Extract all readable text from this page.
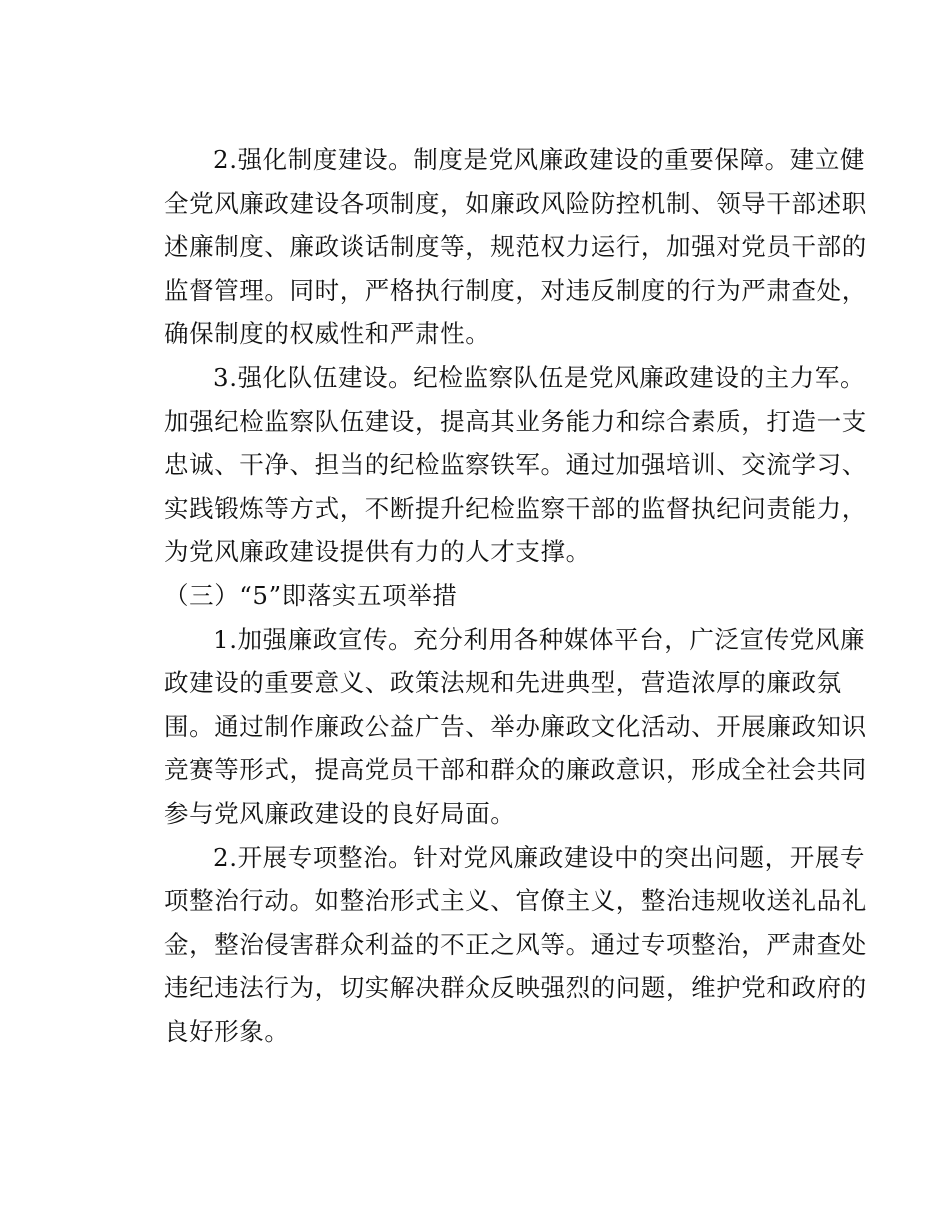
2.强化制度建设。制度是党风廉政建设的重要保障。建立健
全党风廉政建设各项制度，如廉政风险防控机制、领导干部述职
述廉制度、廉政谈话制度等，规范权力运行，加强对党员干部的
监督管理。同时，严格执行制度，对违反制度的行为严肃查处，
确保制度的权威性和严肃性。
3.强化队伍建设。纪检监察队伍是党风廉政建设的主力军。
加强纪检监察队伍建设，提高其业务能力和综合素质，打造一支
忠诚、干净、担当的纪检监察铁军。通过加强培训、交流学习、
实践锻炼等方式，不断提升纪检监察干部的监督执纪问责能力，
为党风廉政建设提供有力的人才支撑。
（三）“5”即落实五项举措
1.加强廉政宣传。充分利用各种媒体平台，广泛宣传党风廉
政建设的重要意义、政策法规和先进典型，营造浓厚的廉政氛
围。通过制作廉政公益广告、举办廉政文化活动、开展廉政知识
竞赛等形式，提高党员干部和群众的廉政意识，形成全社会共同
参与党风廉政建设的良好局面。
2.开展专项整治。针对党风廉政建设中的突出问题，开展专
项整治行动。如整治形式主义、官僚主义，整治违规收送礼品礼
金，整治侵害群众利益的不正之风等。通过专项整治，严肃查处
违纪违法行为，切实解决群众反映强烈的问题，维护党和政府的
良好形象。
